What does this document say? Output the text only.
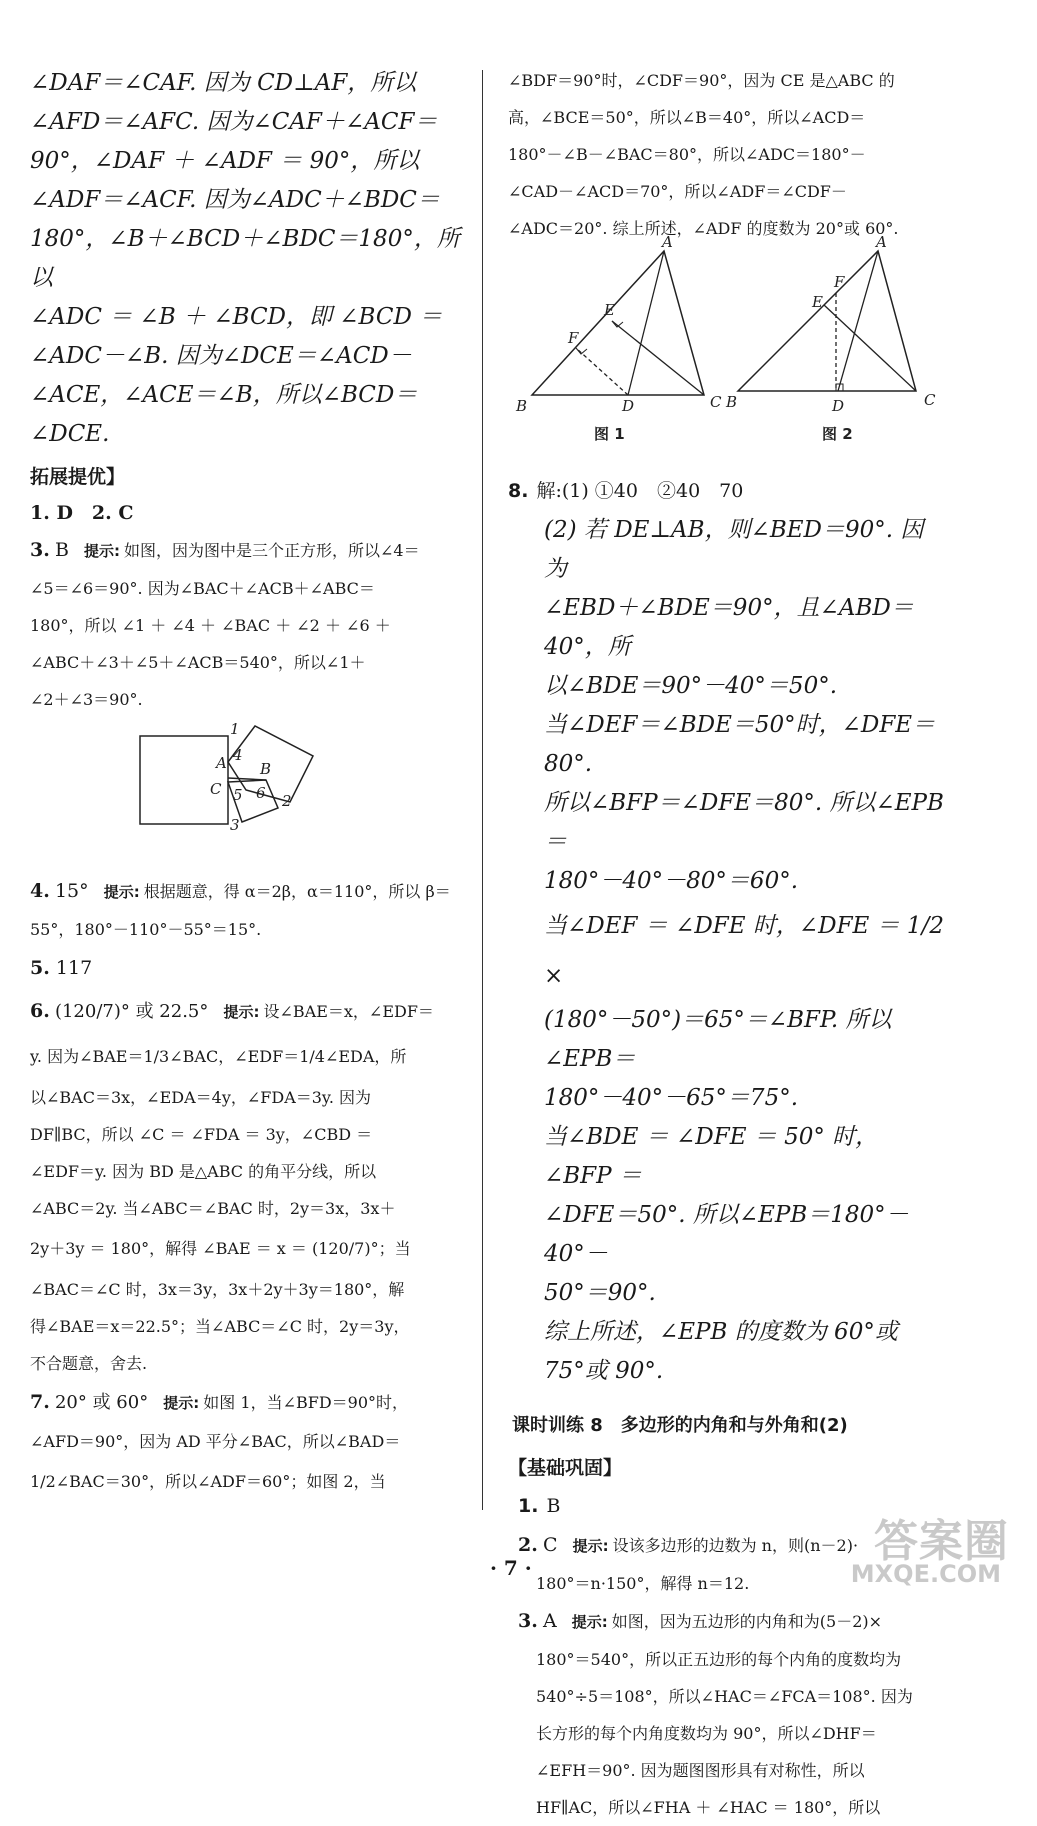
∠DAF＝∠CAF. 因为 CD⊥AF，所以

∠AFD＝∠AFC. 因为∠CAF＋∠ACF＝

90°，∠DAF ＋ ∠ADF ＝ 90°，所以

∠ADF＝∠ACF. 因为∠ADC＋∠BDC＝

180°，∠B＋∠BCD＋∠BDC＝180°，所以

∠ADC ＝ ∠B ＋ ∠BCD，即 ∠BCD ＝

∠ADC－∠B. 因为∠DCE＝∠ACD－

∠ACE，∠ACE＝∠B，所以∠BCD＝

∠DCE.

拓展提优】

1. D　2. C

3. B 提示: 如图，因为图中是三个正方形，所以∠4＝

∠5＝∠6＝90°. 因为∠BAC＋∠ACB＋∠ABC＝

180°，所以 ∠1 ＋ ∠4 ＋ ∠BAC ＋ ∠2 ＋ ∠6 ＋

∠ABC＋∠3＋∠5＋∠ACB＝540°，所以∠1＋

∠2＋∠3＝90°.

1
A 4
B
C 5 6 2
3

4. 15° 提示: 根据题意，得 α＝2β，α＝110°，所以 β＝

55°，180°－110°－55°＝15°.

5. 117

6. (120/7)° 或 22.5° 提示: 设∠BAE＝x，∠EDF＝

y. 因为∠BAE＝1/3∠BAC，∠EDF＝1/4∠EDA，所

以∠BAC＝3x，∠EDA＝4y，∠FDA＝3y. 因为

DF∥BC，所以 ∠C ＝ ∠FDA ＝ 3y，∠CBD ＝

∠EDF＝y. 因为 BD 是△ABC 的角平分线，所以

∠ABC＝2y. 当∠ABC＝∠BAC 时，2y＝3x，3x＋

2y＋3y ＝ 180°，解得 ∠BAE ＝ x ＝ (120/7)°；当

∠BAC＝∠C 时，3x＝3y，3x＋2y＋3y＝180°，解

得∠BAE＝x＝22.5°；当∠ABC＝∠C 时，2y＝3y，

不合题意，舍去.

7. 20° 或 60° 提示: 如图 1，当∠BFD＝90°时，

∠AFD＝90°，因为 AD 平分∠BAC，所以∠BAD＝

1/2∠BAC＝30°，所以∠ADF＝60°；如图 2，当

∠BDF＝90°时，∠CDF＝90°，因为 CE 是△ABC 的

高，∠BCE＝50°，所以∠B＝40°，所以∠ACD＝

180°－∠B－∠BAC＝80°，所以∠ADC＝180°－

∠CAD－∠ACD＝70°，所以∠ADF＝∠CDF－

∠ADC＝20°. 综上所述，∠ADF 的度数为 20°或 60°.

A
E
F
B	D	C
图 1
A
E
F
B	D	C
图 2

8. 解:(1) ①40　②40　70

(2) 若 DE⊥AB，则∠BED＝90°. 因为

∠EBD＋∠BDE＝90°，且∠ABD＝40°，所

以∠BDE＝90°－40°＝50°.

当∠DEF＝∠BDE＝50°时，∠DFE＝80°.

所以∠BFP＝∠DFE＝80°. 所以∠EPB＝

180°－40°－80°＝60°.

当∠DEF ＝ ∠DFE 时，∠DFE ＝ 1/2 ×

(180°－50°)＝65°＝∠BFP. 所以∠EPB＝

180°－40°－65°＝75°.

当∠BDE ＝ ∠DFE ＝ 50° 时，∠BFP ＝

∠DFE＝50°. 所以∠EPB＝180°－40°－

50°＝90°.

综上所述，∠EPB 的度数为 60°或 75°或 90°.

课时训练 8　多边形的内角和与外角和(2)

【基础巩固】

1. B

2. C 提示: 设该多边形的边数为 n，则(n－2)·

180°＝n·150°，解得 n＝12.

3. A 提示: 如图，因为五边形的内角和为(5－2)×

180°＝540°，所以正五边形的每个内角的度数均为

540°÷5＝108°，所以∠HAC＝∠FCA＝108°. 因为

长方形的每个内角度数均为 90°，所以∠DHF＝

∠EFH＝90°. 因为题图图形具有对称性，所以

HF∥AC，所以∠FHA ＋ ∠HAC ＝ 180°，所以

· 7 ·
答案圈
MXQE.COM
